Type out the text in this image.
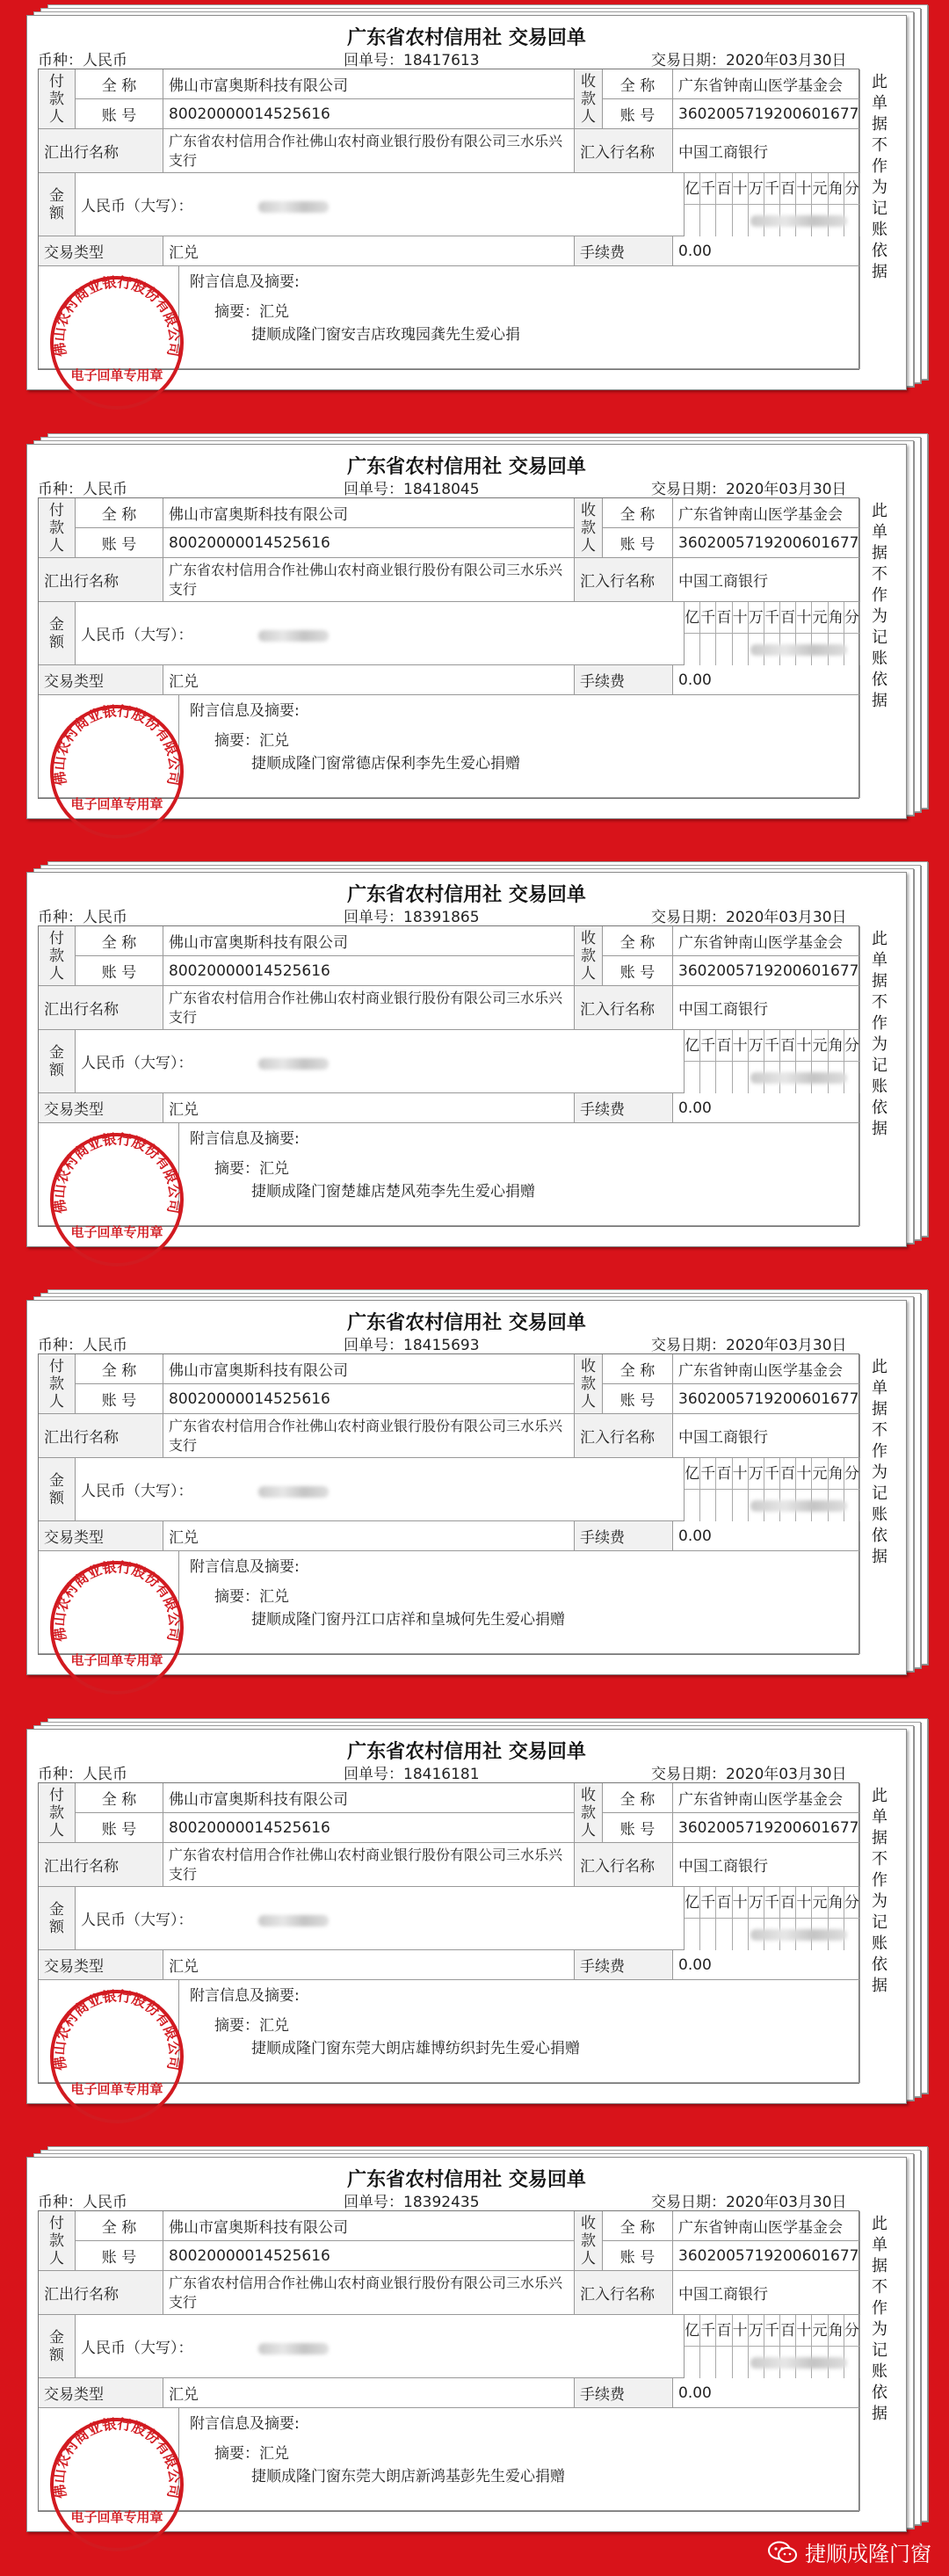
广东省农村信用社 交易回单
币种：人民币	回单号：18417613	交易日期：2020年03月30日
付
款
人
全 称	佛山市富奥斯科技有限公司
账 号	80020000014525616
收
款
人
全 称	广东省钟南山医学基金会
账 号	3602005719200601677
汇出行名称
广东省农村信用合作社佛山农村商业银行股份有限公司三水乐兴支行	汇入行名称	中国工商银行
金
额	人民币（大写）：
亿 千 百 十 万 千 百 十 元 角 分
交易类型	汇兑	手续费	0.00
附言信息及摘要:
摘要：汇兑
捷顺成隆门窗安吉店玫瑰园龚先生爱心捐
此
单
据
不
作
为
记
账
依
据
佛山农村商业银行股份有限公司
电子回单专用章
广东省农村信用社 交易回单
币种：人民币	回单号：18418045	交易日期：2020年03月30日
付
款
人
全 称	佛山市富奥斯科技有限公司
账 号	80020000014525616
收
款
人
全 称	广东省钟南山医学基金会
账 号	3602005719200601677
汇出行名称
广东省农村信用合作社佛山农村商业银行股份有限公司三水乐兴支行	汇入行名称	中国工商银行
金
额	人民币（大写）：
亿 千 百 十 万 千 百 十 元 角 分
交易类型	汇兑	手续费	0.00
附言信息及摘要:
摘要：汇兑
捷顺成隆门窗常德店保利李先生爱心捐赠
此
单
据
不
作
为
记
账
依
据
佛山农村商业银行股份有限公司
电子回单专用章
广东省农村信用社 交易回单
币种：人民币	回单号：18391865	交易日期：2020年03月30日
付
款
人
全 称	佛山市富奥斯科技有限公司
账 号	80020000014525616
收
款
人
全 称	广东省钟南山医学基金会
账 号	3602005719200601677
汇出行名称
广东省农村信用合作社佛山农村商业银行股份有限公司三水乐兴支行	汇入行名称	中国工商银行
金
额	人民币（大写）：
亿 千 百 十 万 千 百 十 元 角 分
交易类型	汇兑	手续费	0.00
附言信息及摘要:
摘要：汇兑
捷顺成隆门窗楚雄店楚风苑李先生爱心捐赠
此
单
据
不
作
为
记
账
依
据
佛山农村商业银行股份有限公司
电子回单专用章
广东省农村信用社 交易回单
币种：人民币	回单号：18415693	交易日期：2020年03月30日
付
款
人
全 称	佛山市富奥斯科技有限公司
账 号	80020000014525616
收
款
人
全 称	广东省钟南山医学基金会
账 号	3602005719200601677
汇出行名称
广东省农村信用合作社佛山农村商业银行股份有限公司三水乐兴支行	汇入行名称	中国工商银行
金
额	人民币（大写）：
亿 千 百 十 万 千 百 十 元 角 分
交易类型	汇兑	手续费	0.00
附言信息及摘要:
摘要：汇兑
捷顺成隆门窗丹江口店祥和皇城何先生爱心捐赠
此
单
据
不
作
为
记
账
依
据
佛山农村商业银行股份有限公司
电子回单专用章
广东省农村信用社 交易回单
币种：人民币	回单号：18416181	交易日期：2020年03月30日
付
款
人
全 称	佛山市富奥斯科技有限公司
账 号	80020000014525616
收
款
人
全 称	广东省钟南山医学基金会
账 号	3602005719200601677
汇出行名称
广东省农村信用合作社佛山农村商业银行股份有限公司三水乐兴支行	汇入行名称	中国工商银行
金
额	人民币（大写）：
亿 千 百 十 万 千 百 十 元 角 分
交易类型	汇兑	手续费	0.00
附言信息及摘要:
摘要：汇兑
捷顺成隆门窗东莞大朗店雄博纺织封先生爱心捐赠
此
单
据
不
作
为
记
账
依
据
佛山农村商业银行股份有限公司
电子回单专用章
广东省农村信用社 交易回单
币种：人民币	回单号：18392435	交易日期：2020年03月30日
付
款
人
全 称	佛山市富奥斯科技有限公司
账 号	80020000014525616
收
款
人
全 称	广东省钟南山医学基金会
账 号	3602005719200601677
汇出行名称
广东省农村信用合作社佛山农村商业银行股份有限公司三水乐兴支行	汇入行名称	中国工商银行
金
额	人民币（大写）：
亿 千 百 十 万 千 百 十 元 角 分
交易类型	汇兑	手续费	0.00
附言信息及摘要:
摘要：汇兑
捷顺成隆门窗东莞大朗店新鸿基彭先生爱心捐赠
此
单
据
不
作
为
记
账
依
据
佛山农村商业银行股份有限公司
电子回单专用章
捷顺成隆门窗
